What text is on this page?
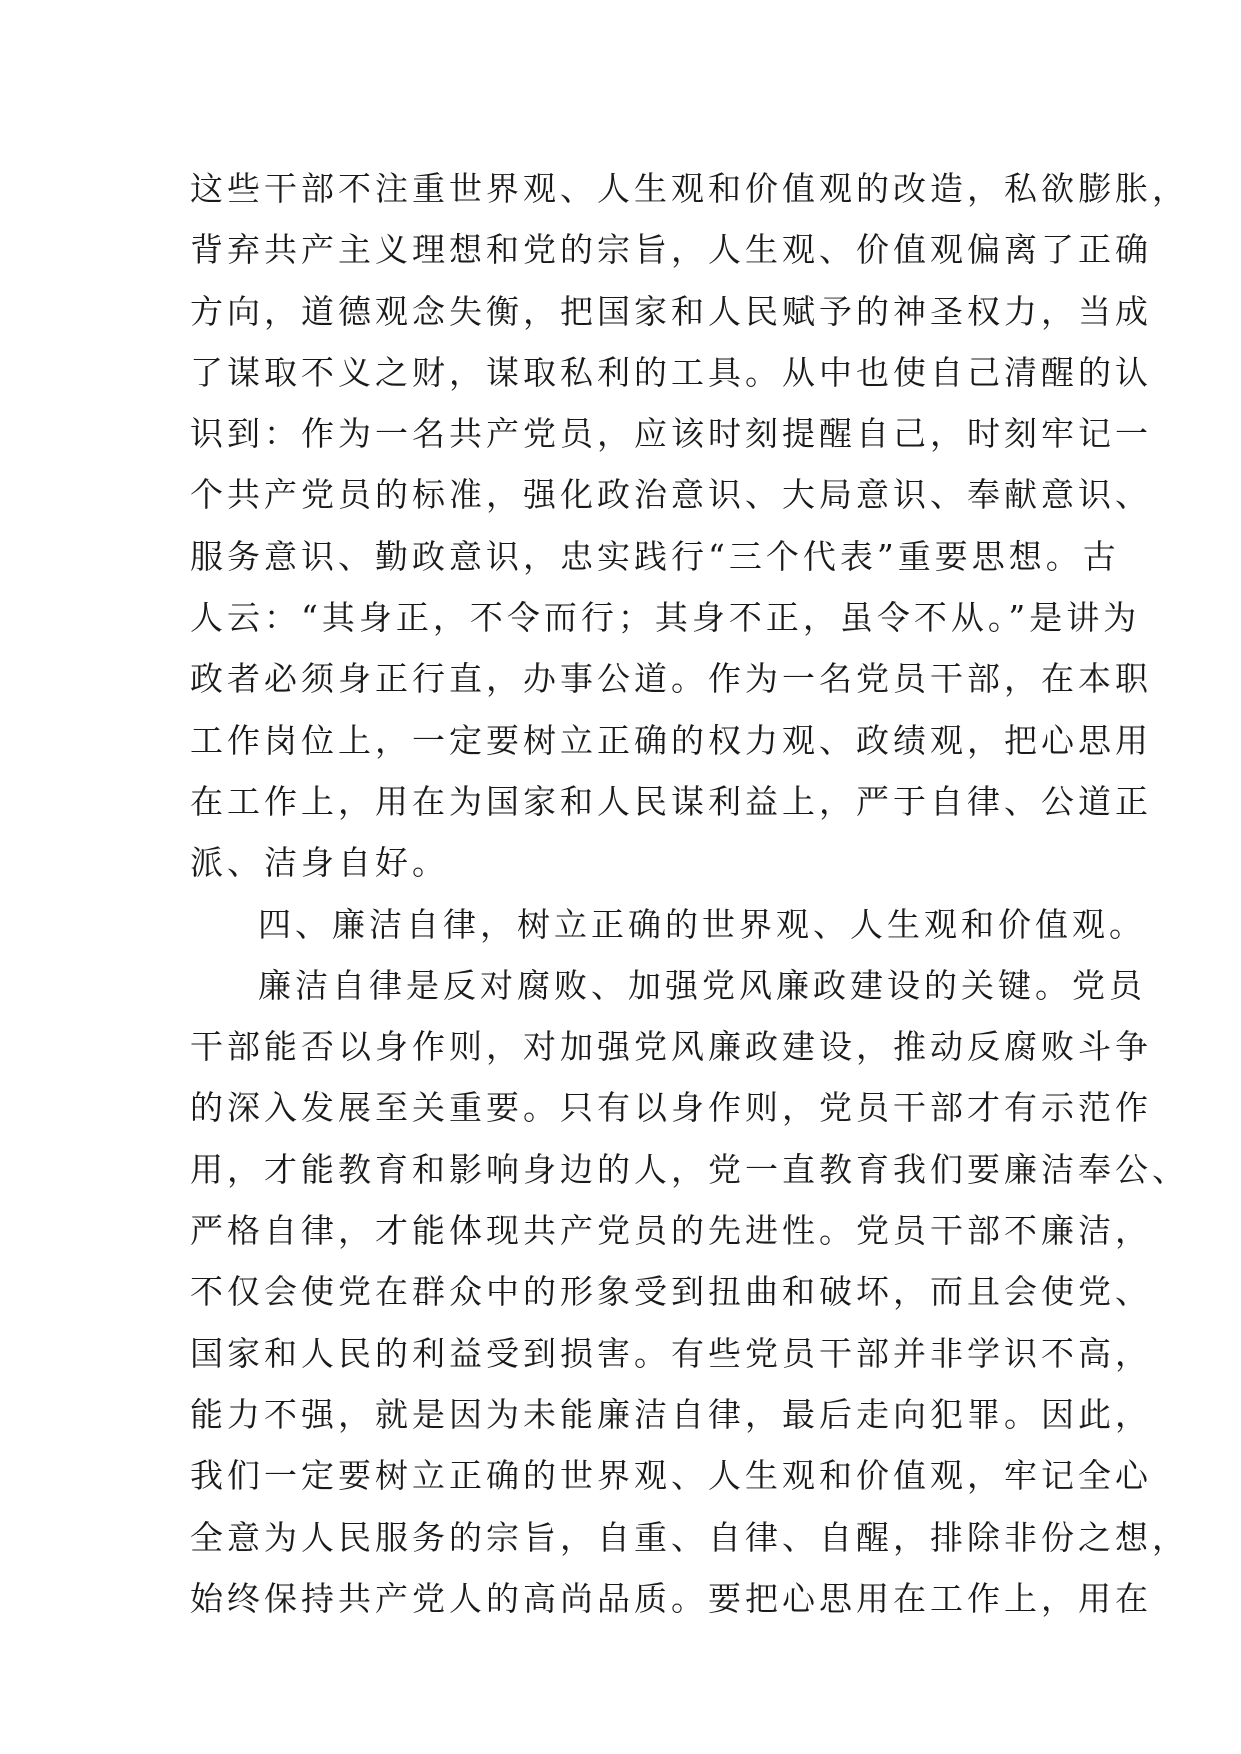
这些干部不注重世界观、人生观和价值观的改造，私欲膨胀，
背弃共产主义理想和党的宗旨，人生观、价值观偏离了正确
方向，道德观念失衡，把国家和人民赋予的神圣权力，当成
了谋取不义之财，谋取私利的工具。从中也使自己清醒的认
识到：作为一名共产党员，应该时刻提醒自己，时刻牢记一
个共产党员的标准，强化政治意识、大局意识、奉献意识、
服务意识、勤政意识，忠实践行“三个代表”重要思想。古
人云：“其身正，不令而行；其身不正，虽令不从。”是讲为
政者必须身正行直，办事公道。作为一名党员干部，在本职
工作岗位上，一定要树立正确的权力观、政绩观，把心思用
在工作上，用在为国家和人民谋利益上，严于自律、公道正
派、洁身自好。
四、廉洁自律，树立正确的世界观、人生观和价值观。
廉洁自律是反对腐败、加强党风廉政建设的关键。党员
干部能否以身作则，对加强党风廉政建设，推动反腐败斗争
的深入发展至关重要。只有以身作则，党员干部才有示范作
用，才能教育和影响身边的人，党一直教育我们要廉洁奉公、
严格自律，才能体现共产党员的先进性。党员干部不廉洁，
不仅会使党在群众中的形象受到扭曲和破坏，而且会使党、
国家和人民的利益受到损害。有些党员干部并非学识不高，
能力不强，就是因为未能廉洁自律，最后走向犯罪。因此，
我们一定要树立正确的世界观、人生观和价值观，牢记全心
全意为人民服务的宗旨，自重、自律、自醒，排除非份之想，
始终保持共产党人的高尚品质。要把心思用在工作上，用在
